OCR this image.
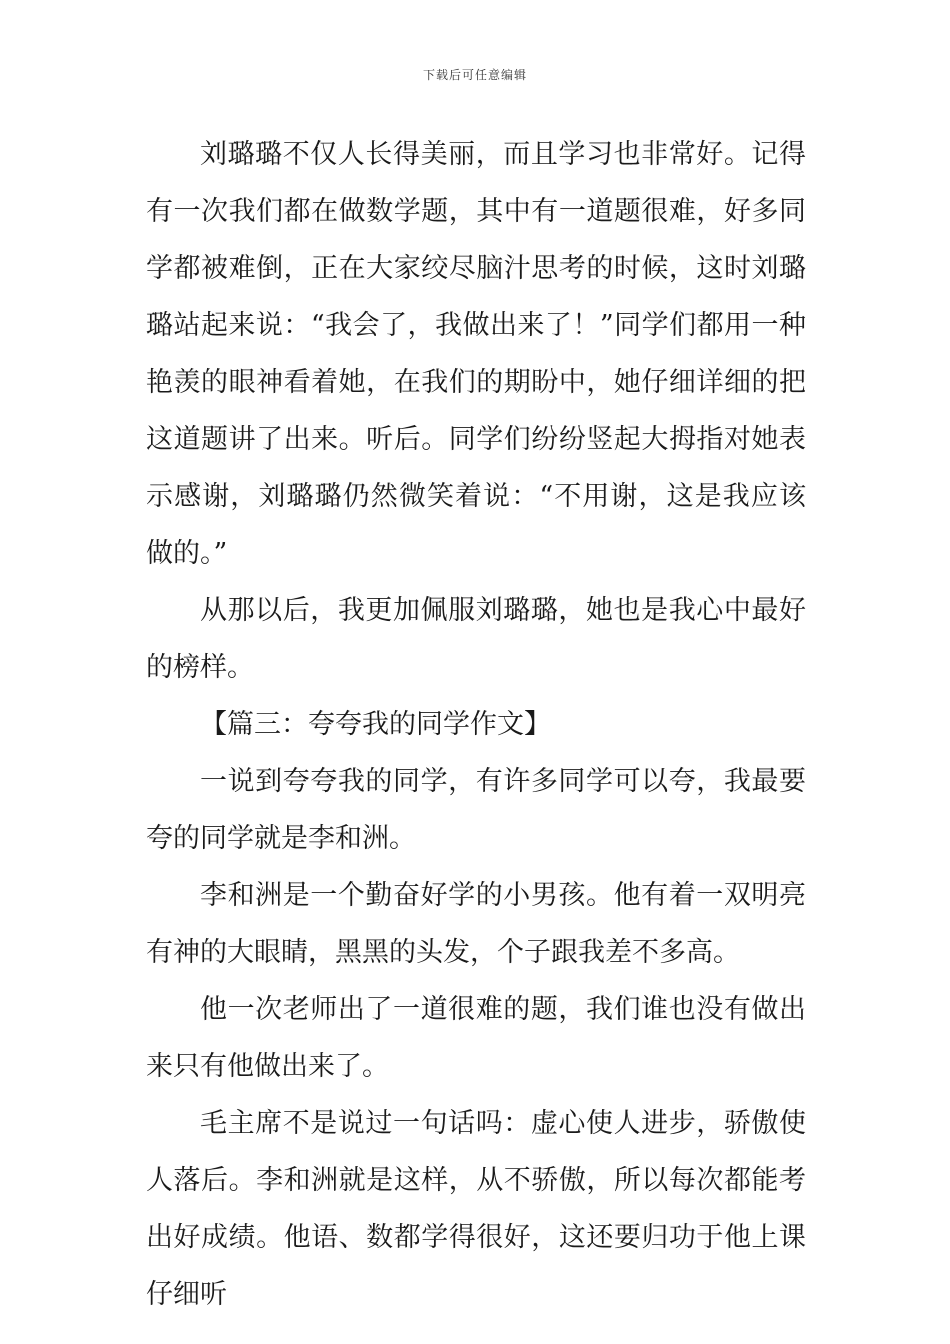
下载后可任意编辑

刘璐璐不仅人长得美丽，而且学习也非常好。记得有一次我们都在做数学题，其中有一道题很难，好多同学都被难倒，正在大家绞尽脑汁思考的时候，这时刘璐璐站起来说：“我会了，我做出来了！”同学们都用一种艳羡的眼神看着她，在我们的期盼中，她仔细详细的把这道题讲了出来。听后。同学们纷纷竖起大拇指对她表示感谢，刘璐璐仍然微笑着说：“不用谢，这是我应该做的。”

从那以后，我更加佩服刘璐璐，她也是我心中最好的榜样。

【篇三：夸夸我的同学作文】

一说到夸夸我的同学，有许多同学可以夸，我最要夸的同学就是李和洲。

李和洲是一个勤奋好学的小男孩。他有着一双明亮有神的大眼睛，黑黑的头发，个子跟我差不多高。

他一次老师出了一道很难的题，我们谁也没有做出来只有他做出来了。

毛主席不是说过一句话吗：虚心使人进步，骄傲使人落后。李和洲就是这样，从不骄傲，所以每次都能考出好成绩。他语、数都学得很好，这还要归功于他上课仔细听
